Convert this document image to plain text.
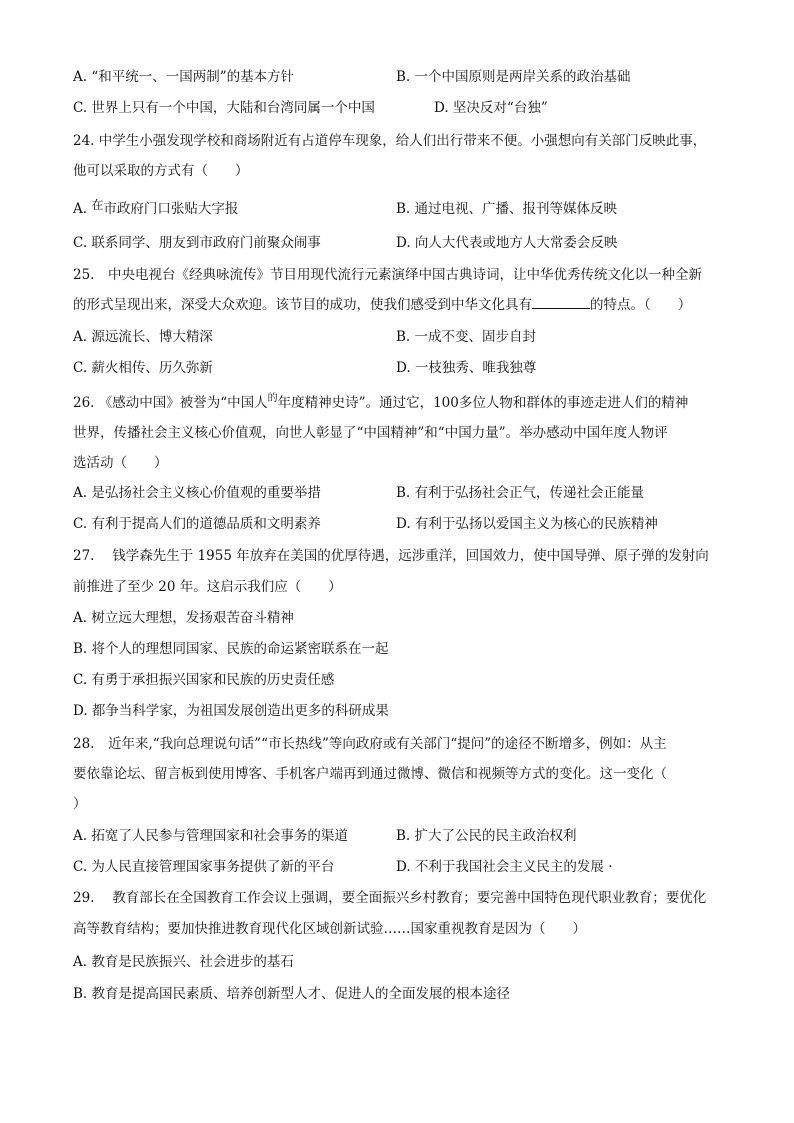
A. “和平统一、一国两制”的基本方针	B. 一个中国原则是两岸关系的政治基础
C. 世界上只有一个中国，大陆和台湾同属一个中国	D. 坚决反对“台独”
24. 中学生小强发现学校和商场附近有占道停车现象，给人们出行带来不便。小强想向有关部门反映此事，
他可以采取的方式有（　　）
A. 在市政府门口张贴大字报	B. 通过电视、广播、报刊等媒体反映
C. 联系同学、朋友到市政府门前聚众闹事	D. 向人大代表或地方人大常委会反映
25.　中央电视台《经典咏流传》节目用现代流行元素演绎中国古典诗词，让中华优秀传统文化以一种全新
的形式呈现出来，深受大众欢迎。该节目的成功，使我们感受到中华文化具有	的特点。（　　）
A. 源远流长、博大精深	B. 一成不变、固步自封
C. 薪火相传、历久弥新	D. 一枝独秀、唯我独尊
26. 《感动中国》被誉为“中国人$^的$年度精神史诗”。通过它，100多位人物和群体的事迹走进人们的精神
世界，传播社会主义核心价值观，向世人彰显了“中国精神”和“中国力量”。举办感动中国年度人物评
选活动（　　）
A. 是弘扬社会主义核心价值观的重要举措	B. 有利于弘扬社会正气，传递社会正能量
C. 有利于提高人们的道德品质和文明素养	D. 有利于弘扬以爱国主义为核心的民族精神
27.　 钱学森先生于 1955 年放弃在美国的优厚待遇，远涉重洋，回国效力，使中国导弹、原子弹的发射向
前推进了至少 20 年。这启示我们应（　　）
A. 树立远大理想，发扬艰苦奋斗精神
B. 将个人的理想同国家、民族的命运紧密联系在一起
C. 有勇于承担振兴国家和民族的历史责任感
D. 都争当科学家，为祖国发展创造出更多的科研成果
28.　近年来,“我向总理说句话”“市长热线”等向政府或有关部门“提问”的途径不断增多，例如：从主
要依靠论坛、留言板到使用博客、手机客户端再到通过微博、微信和视频等方式的变化。这一变化（
）
A. 拓宽了人民参与管理国家和社会事务的渠道	B. 扩大了公民的民主政治权利
C. 为人民直接管理国家事务提供了新的平台	D. 不利于我国社会主义民主的发展 ·
29.　 教育部长在全国教育工作会议上强调，要全面振兴乡村教育；要完善中国特色现代职业教育；要优化
高等教育结构；要加快推进教育现代化区域创新试验……国家重视教育是因为（　　）
A. 教育是民族振兴、社会进步的基石
B. 教育是提高国民素质、培养创新型人才、促进人的全面发展的根本途径
